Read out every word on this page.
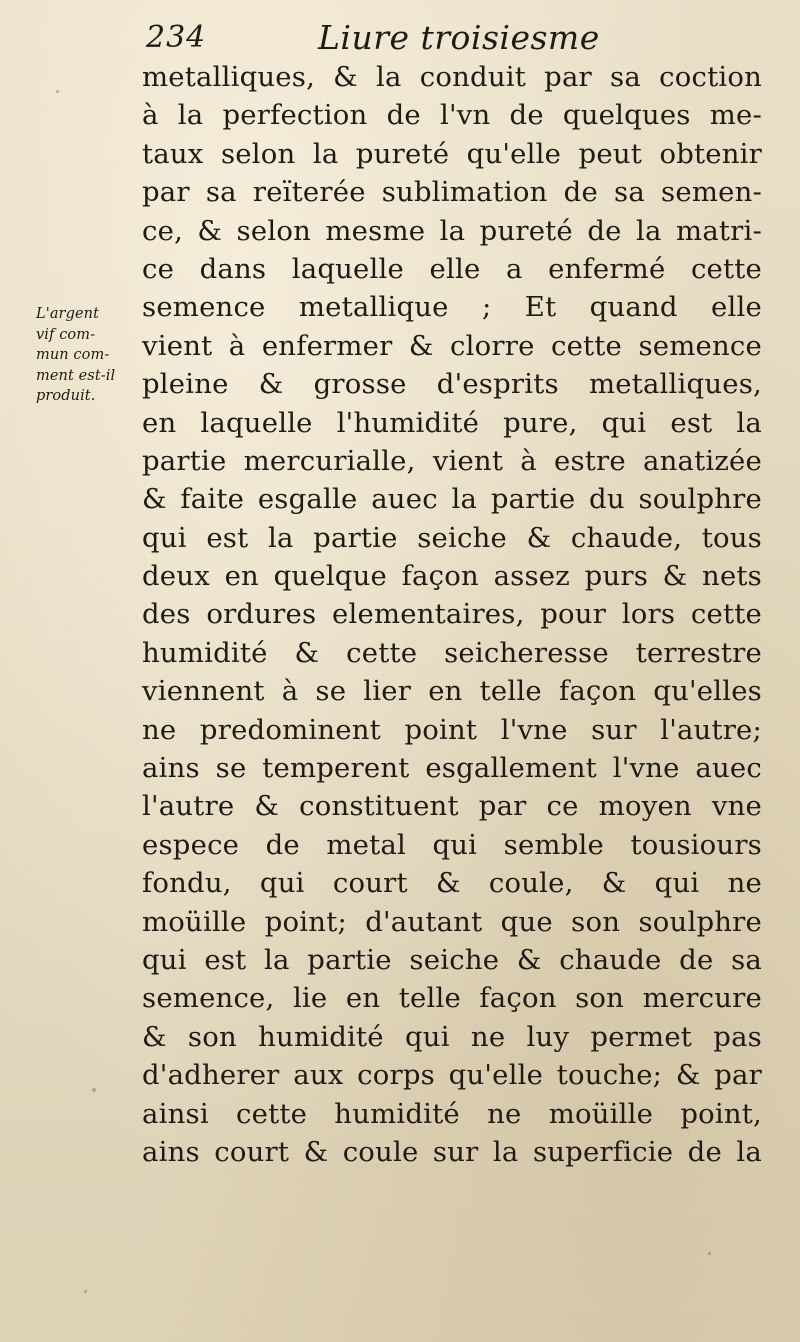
234	Liure troisiesme
L'argent
vif com-
mun com-
ment est-il
produit.
metalliques, & la conduit par sa coction
à la perfection de l'vn de quelques me-
taux selon la pureté qu'elle peut obtenir
par sa reïterée sublimation de sa semen-
ce, & selon mesme la pureté de la matri-
ce dans laquelle elle a enfermé cette
semence metallique ; Et quand elle
vient à enfermer & clorre cette semence
pleine & grosse d'esprits metalliques,
en laquelle l'humidité pure, qui est la
partie mercurialle, vient à estre anatizée
& faite esgalle auec la partie du soulphre
qui est la partie seiche & chaude, tous
deux en quelque façon assez purs & nets
des ordures elementaires, pour lors cette
humidité & cette seicheresse terrestre
viennent à se lier en telle façon qu'elles
ne predominent point l'vne sur l'autre;
ains se temperent esgallement l'vne auec
l'autre & constituent par ce moyen vne
espece de metal qui semble tousiours
fondu, qui court & coule, & qui ne
moüille point; d'autant que son soulphre
qui est la partie seiche & chaude de sa
semence, lie en telle façon son mercure
& son humidité qui ne luy permet pas
d'adherer aux corps qu'elle touche; & par
ainsi cette humidité ne moüille point,
ains court & coule sur la superficie de la
